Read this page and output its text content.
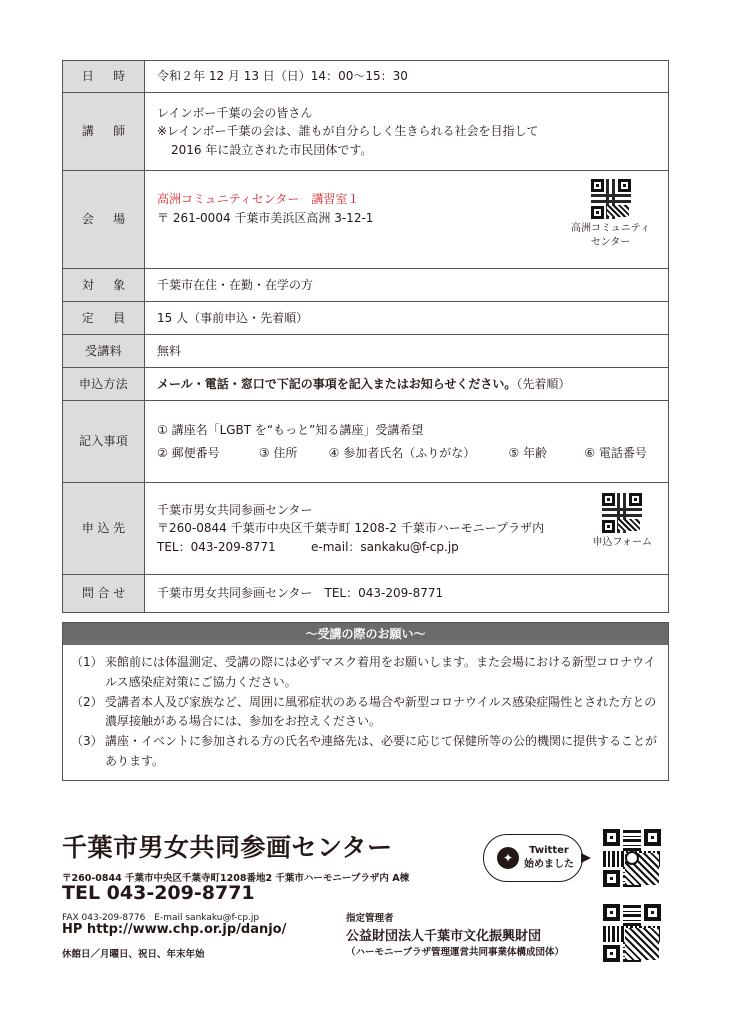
日　時	令和２年 12 月 13 日（日）14：00〜15：30
講　師	レインボー千葉の会の皆さん
※レインボー千葉の会は、誰もが自分らしく生きられる社会を目指して
2016 年に設立された市民団体です。

会　場	高洲コミュニティセンター　講習室１
〒 261-0004 千葉市美浜区高洲 3-12-1
高洲コミュニティ
センター

対　象	千葉市在住・在勤・在学の方
定　員	15 人（事前申込・先着順）
受講料	無料
申込方法	メール・電話・窓口で下記の事項を記入またはお知らせください。（先着順）
記入事項	① 講座名「LGBT を“もっと”知る講座」受講希望
② 郵便番号 ③ 住所 ④ 参加者氏名（ふりがな） ⑤ 年齢 ⑥ 電話番号

申込先	千葉市男女共同参画センター
〒260-0844 千葉市中央区千葉寺町 1208-2 千葉市ハーモニープラザ内
TEL：043-209-8771 e-mail：sankaku@f-cp.jp 申込フォーム

問合せ	千葉市男女共同参画センター　TEL：043-209-8771
〜受講の際のお願い〜
（1） 来館前には体温測定、受講の際には必ずマスク着用をお願いします。また会場における新型コロナウイルス感染症対策にご協力ください。
（2） 受講者本人及び家族など、周囲に風邪症状のある場合や新型コロナウイルス感染症陽性とされた方との濃厚接触がある場合には、参加をお控えください。
（3） 講座・イベントに参加される方の氏名や連絡先は、必要に応じて保健所等の公的機関に提供することがあります。
千葉市男女共同参画センター
〒260-0844 千葉市中央区千葉寺町1208番地2 千葉市ハーモニープラザ内 A棟
TEL 043-209-8771
FAX 043-209-8776　E-mail sankaku@f-cp.jp
HP http://www.chp.or.jp/danjo/
休館日／月曜日、祝日、年末年始
✦
Twitter
始めました
指定管理者
公益財団法人千葉市文化振興財団
（ハーモニープラザ管理運営共同事業体構成団体）
